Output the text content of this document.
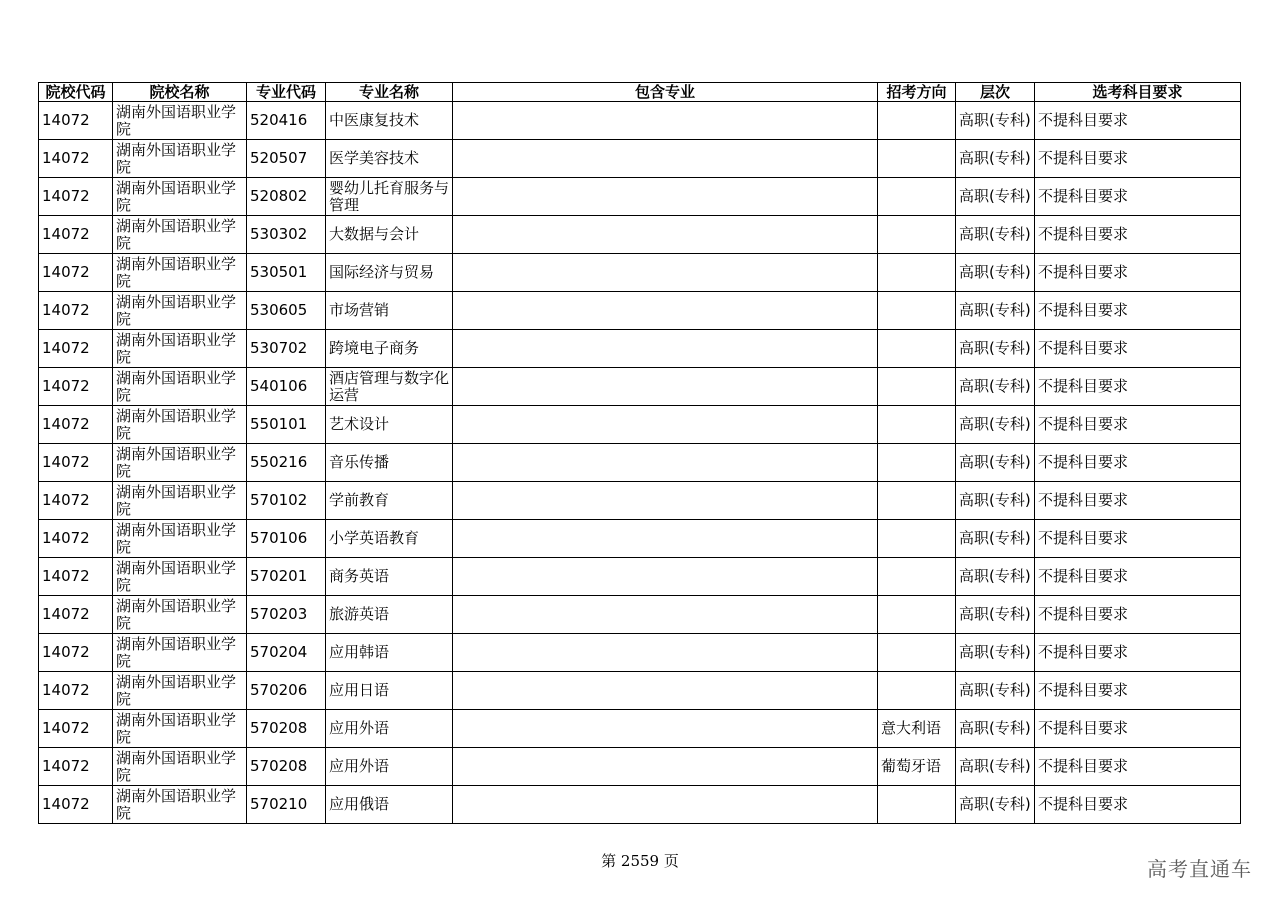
院校代码	院校名称	专业代码	专业名称	包含专业	招考方向	层次	选考科目要求
14072	湖南外国语职业学院	520416	中医康复技术			高职(专科)	不提科目要求
14072	湖南外国语职业学院	520507	医学美容技术			高职(专科)	不提科目要求
14072	湖南外国语职业学院	520802	婴幼儿托育服务与管理			高职(专科)	不提科目要求
14072	湖南外国语职业学院	530302	大数据与会计			高职(专科)	不提科目要求
14072	湖南外国语职业学院	530501	国际经济与贸易			高职(专科)	不提科目要求
14072	湖南外国语职业学院	530605	市场营销			高职(专科)	不提科目要求
14072	湖南外国语职业学院	530702	跨境电子商务			高职(专科)	不提科目要求
14072	湖南外国语职业学院	540106	酒店管理与数字化运营			高职(专科)	不提科目要求
14072	湖南外国语职业学院	550101	艺术设计			高职(专科)	不提科目要求
14072	湖南外国语职业学院	550216	音乐传播			高职(专科)	不提科目要求
14072	湖南外国语职业学院	570102	学前教育			高职(专科)	不提科目要求
14072	湖南外国语职业学院	570106	小学英语教育			高职(专科)	不提科目要求
14072	湖南外国语职业学院	570201	商务英语			高职(专科)	不提科目要求
14072	湖南外国语职业学院	570203	旅游英语			高职(专科)	不提科目要求
14072	湖南外国语职业学院	570204	应用韩语			高职(专科)	不提科目要求
14072	湖南外国语职业学院	570206	应用日语			高职(专科)	不提科目要求
14072	湖南外国语职业学院	570208	应用外语		意大利语	高职(专科)	不提科目要求
14072	湖南外国语职业学院	570208	应用外语		葡萄牙语	高职(专科)	不提科目要求
14072	湖南外国语职业学院	570210	应用俄语			高职(专科)	不提科目要求
第 2559 页	高考直通车
